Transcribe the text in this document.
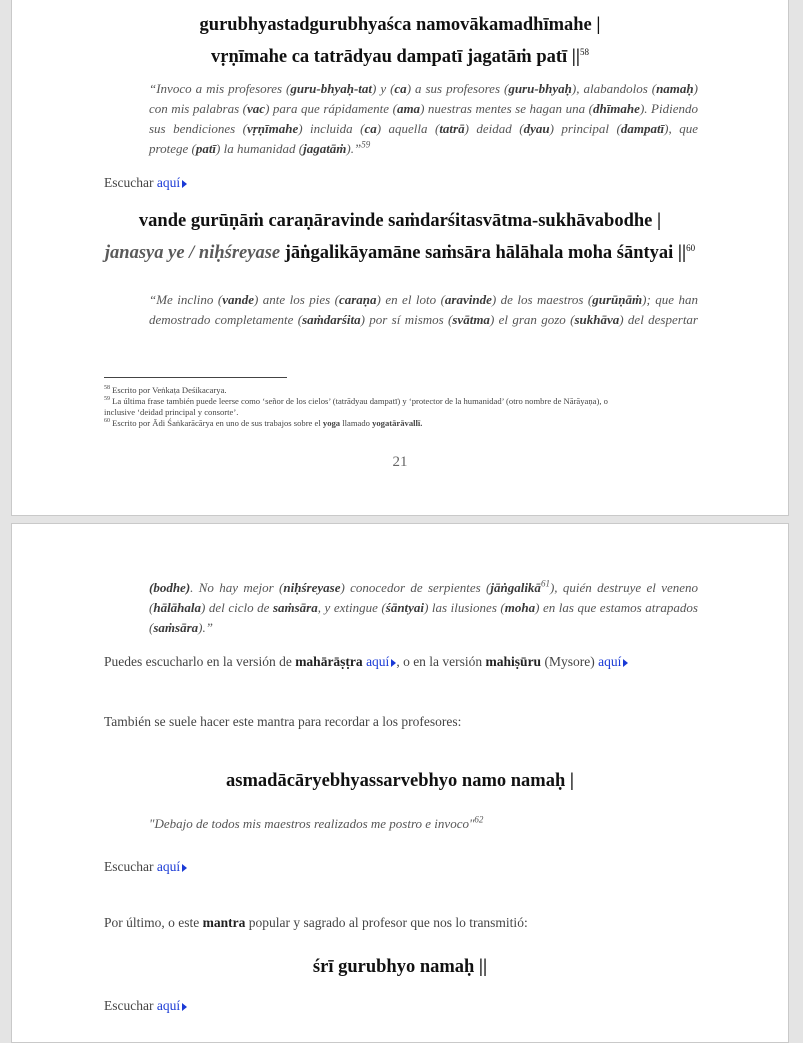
gurubhyastadgurubhyaśca namovākamadhīmahe |
vṛṇīmahe ca tatrādyau dampatī jagatāṁ patī $||^{58}$
“Invoco a mis profesores (guru-bhyaḥ-tat) y (ca) a sus profesores (guru-bhyaḥ), alabandolos (namaḥ)
con mis palabras (vac) para que rápidamente (ama) nuestras mentes se hagan una (dhīmahe). Pidiendo
sus bendiciones (vṛṇīmahe) incluida (ca) aquella (tatrā) deidad (dyau) principal (dampatī), que
protege (patī) la humanidad (jagatāṁ).”$^{59}$
Escuchar aquí
vande gurūṇāṁ caraṇāravinde saṁdarśitasvātma-sukhāvabodhe |
janasya ye / niḥśreyase jāṅgalikāyamāne saṁsāra hālāhala moha śāntyai $||^{60}$
“Me inclino (vande) ante los pies (caraṇa) en el loto (aravinde) de los maestros (gurūṇāṁ); que han
demostrado completamente (saṁdarśita) por sí mismos (svātma) el gran gozo (sukhāva) del despertar
$^{58}$ Escrito por Veṅkaṭa Deśikacarya.
$^{59}$ La última frase también puede leerse como ‘señor de los cielos’ (tatrādyau dampatī) y ‘protector de la humanidad’ (otro nombre de Nārāyaṇa), o
inclusive ‘deidad principal y consorte’.
$^{60}$ Escrito por Ādi Śaṅkarācārya en uno de sus trabajos sobre el yoga llamado yogatārāvallī.
21
(bodhe). No hay mejor (niḥśreyase) conocedor de serpientes (jāṅgalikā$^{61}$), quién destruye el veneno
(hālāhala) del ciclo de saṁsāra, y extingue (śāntyai) las ilusiones (moha) en las que estamos atrapados
(saṁsāra).”
Puedes escucharlo en la versión de mahārāṣṭra aquí , o en la versión mahiṣūru (Mysore) aquí
También se suele hacer este mantra para recordar a los profesores:
asmadācāryebhyassarvebhyo namo namaḥ |
"Debajo de todos mis maestros realizados me postro e invoco"$^{62}$
Escuchar aquí
Por último, o este mantra popular y sagrado al profesor que nos lo transmitió:
śrī gurubhyo namaḥ ||
Escuchar aquí
